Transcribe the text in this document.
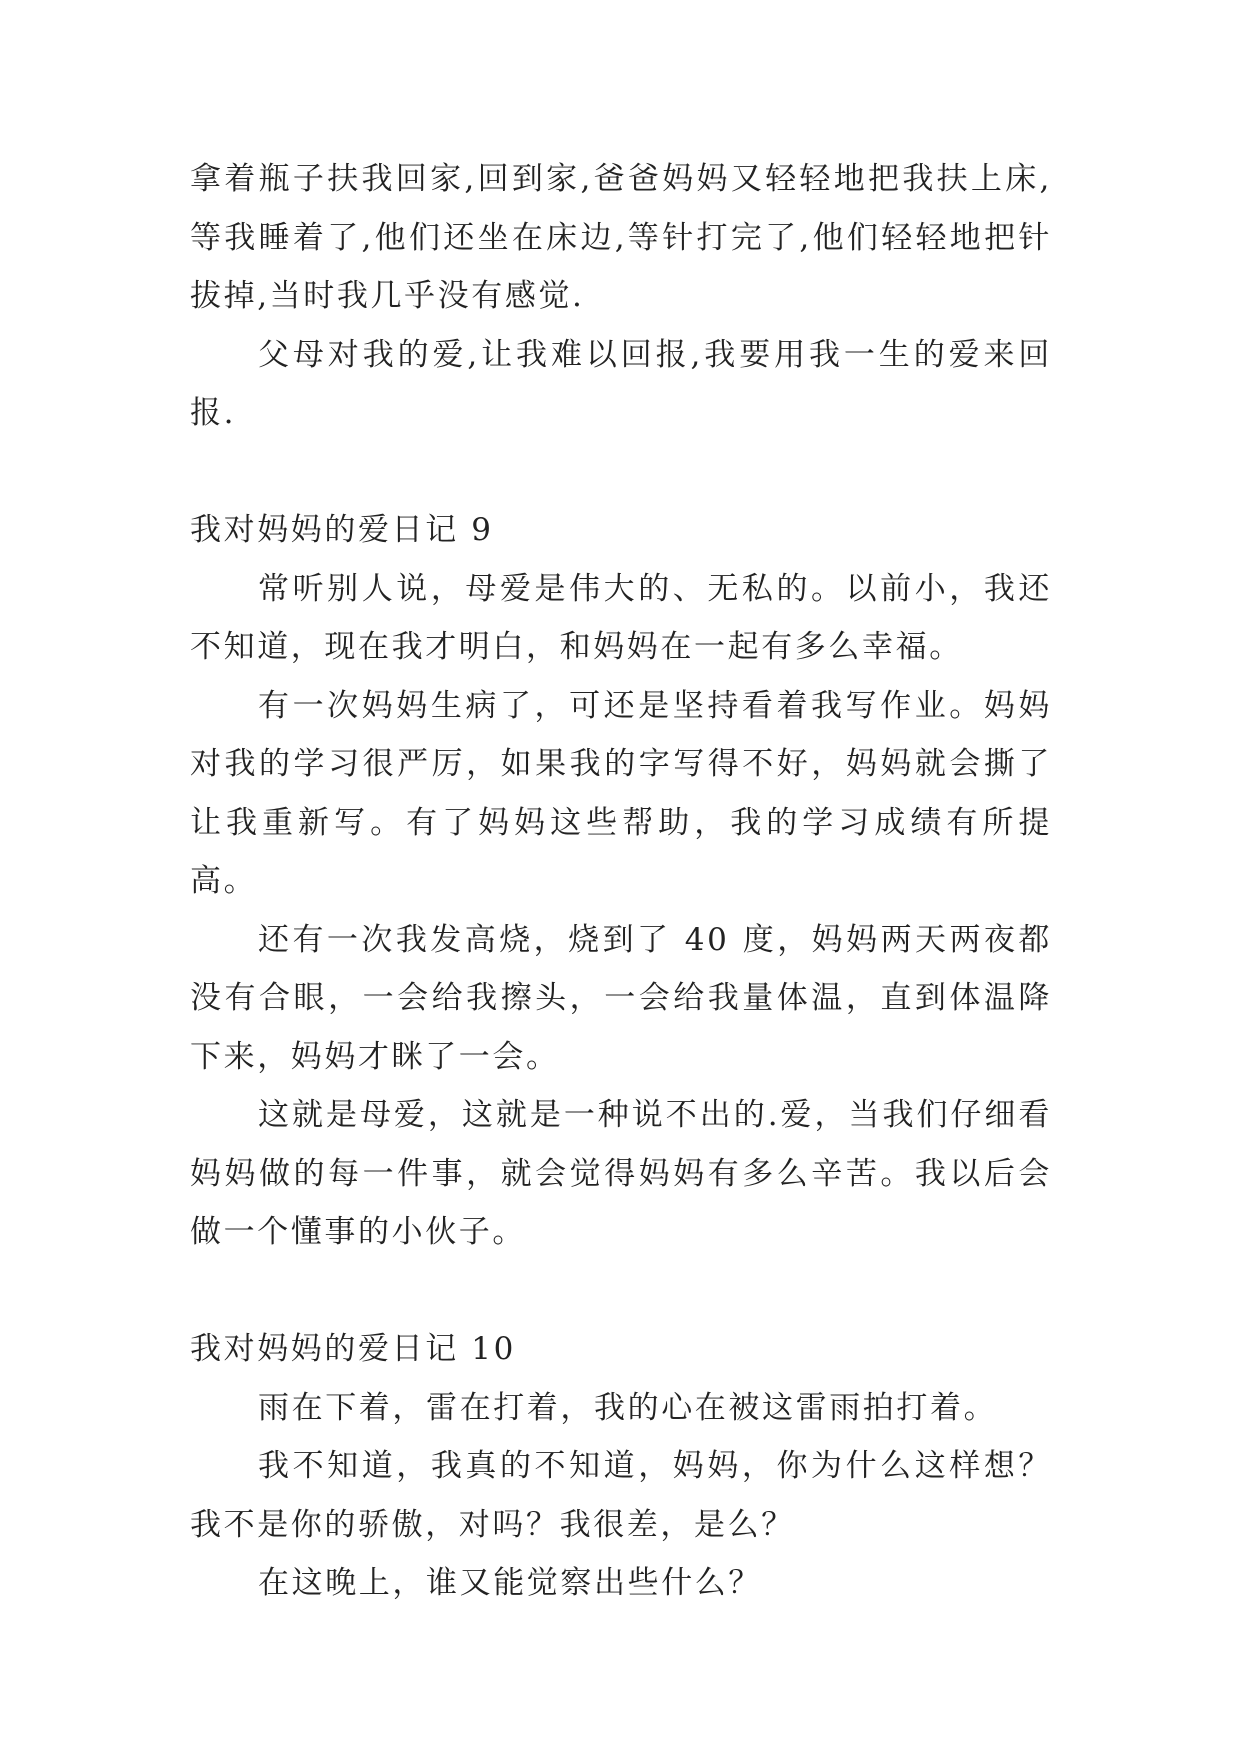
拿着瓶子扶我回家,回到家,爸爸妈妈又轻轻地把我扶上床,等我睡着了,他们还坐在床边,等针打完了,他们轻轻地把针拔掉,当时我几乎没有感觉.

父母对我的爱,让我难以回报,我要用我一生的爱来回报.

我对妈妈的爱日记 9

常听别人说，母爱是伟大的、无私的。以前小，我还不知道，现在我才明白，和妈妈在一起有多么幸福。

有一次妈妈生病了，可还是坚持看着我写作业。妈妈对我的学习很严厉，如果我的字写得不好，妈妈就会撕了让我重新写。有了妈妈这些帮助，我的学习成绩有所提高。

还有一次我发高烧，烧到了 40 度，妈妈两天两夜都没有合眼，一会给我擦头，一会给我量体温，直到体温降下来，妈妈才眯了一会。

这就是母爱，这就是一种说不出的.爱，当我们仔细看妈妈做的每一件事，就会觉得妈妈有多么辛苦。我以后会做一个懂事的小伙子。

我对妈妈的爱日记 10

雨在下着，雷在打着，我的心在被这雷雨拍打着。

我不知道，我真的不知道，妈妈，你为什么这样想？我不是你的骄傲，对吗？我很差，是么？

在这晚上，谁又能觉察出些什么？
